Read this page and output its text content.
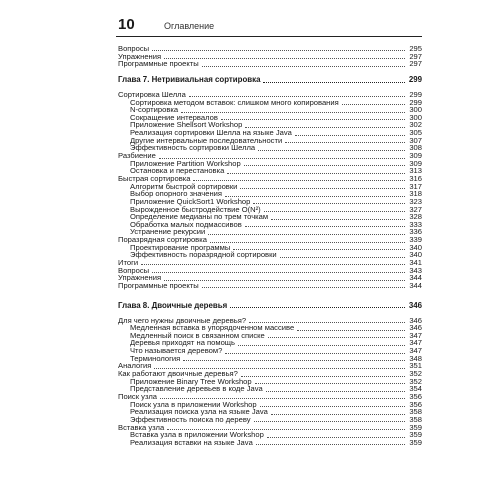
10	Оглавление
Вопросы	295
Упражнения	297
Программные проекты	297
Глава 7. Нетривиальная сортировка	299
Сортировка Шелла	299
Сортировка методом вставок: слишком много копирования	299
N-сортировка	300
Сокращение интервалов	300
Приложение Shellsort Workshop	302
Реализация сортировки Шелла на языке Java	305
Другие интервальные последовательности	307
Эффективность сортировки Шелла	308
Разбиение	309
Приложение Partition Workshop	309
Остановка и перестановка	313
Быстрая сортировка	316
Алгоритм быстрой сортировки	317
Выбор опорного значения	318
Приложение QuickSort1 Workshop	323
Вырожденное быстродействие O(N²)	327
Определение медианы по трем точкам	328
Обработка малых подмассивов	333
Устранение рекурсии	336
Поразрядная сортировка	339
Проектирование программы	340
Эффективность поразрядной сортировки	340
Итоги	341
Вопросы	343
Упражнения	344
Программные проекты	344
Глава 8. Двоичные деревья	346
Для чего нужны двоичные деревья?	346
Медленная вставка в упорядоченном массиве	346
Медленный поиск в связанном списке	347
Деревья приходят на помощь	347
Что называется деревом?	347
Терминология	348
Аналогия	351
Как работают двоичные деревья?	352
Приложение Binary Tree Workshop	352
Представление деревьев в коде Java	354
Поиск узла	356
Поиск узла в приложении Workshop	356
Реализация поиска узла на языке Java	358
Эффективность поиска по дереву	358
Вставка узла	359
Вставка узла в приложении Workshop	359
Реализация вставки на языке Java	359
